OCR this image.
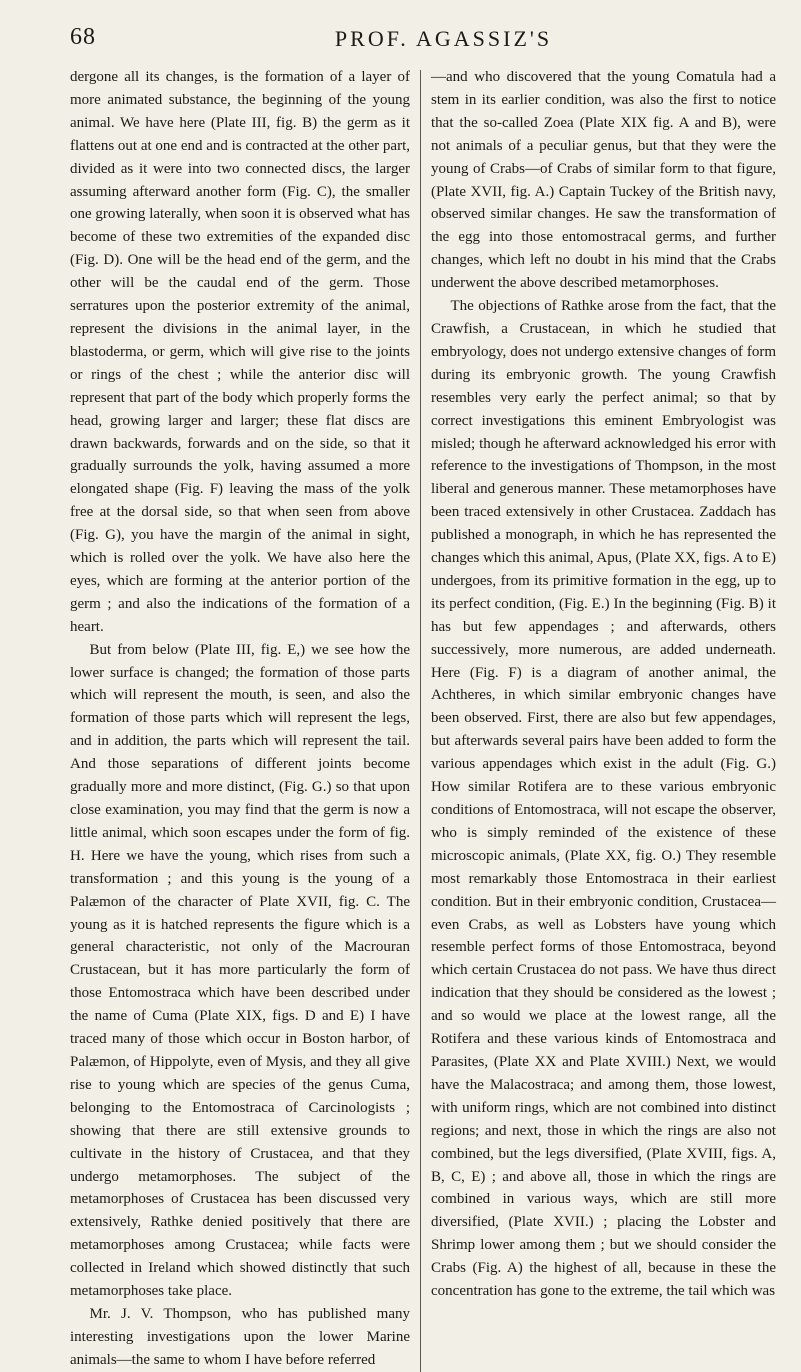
68	PROF. AGASSIZ'S

dergone all its changes, is the formation of a layer of more animated substance, the beginning of the young animal. We have here (Plate III, fig. B) the germ as it flattens out at one end and is contracted at the other part, divided as it were into two connected discs, the larger assuming afterward another form (Fig. C), the smaller one growing laterally, when soon it is observed what has become of these two extremities of the expanded disc (Fig. D). One will be the head end of the germ, and the other will be the caudal end of the germ. Those serratures upon the posterior extremity of the animal, represent the divisions in the animal layer, in the blastoderma, or germ, which will give rise to the joints or rings of the chest ; while the anterior disc will represent that part of the body which properly forms the head, growing larger and larger; these flat discs are drawn backwards, forwards and on the side, so that it gradually surrounds the yolk, having assumed a more elongated shape (Fig. F) leaving the mass of the yolk free at the dorsal side, so that when seen from above (Fig. G), you have the margin of the animal in sight, which is rolled over the yolk. We have also here the eyes, which are forming at the anterior portion of the germ ; and also the indications of the formation of a heart.

But from below (Plate III, fig. E,) we see how the lower surface is changed; the formation of those parts which will represent the mouth, is seen, and also the formation of those parts which will represent the legs, and in addition, the parts which will represent the tail. And those separations of different joints become gradually more and more distinct, (Fig. G.) so that upon close examination, you may find that the germ is now a little animal, which soon escapes under the form of fig. H. Here we have the young, which rises from such a transformation ; and this young is the young of a Palæmon of the character of Plate XVII, fig. C. The young as it is hatched represents the figure which is a general characteristic, not only of the Macrouran Crustacean, but it has more particularly the form of those Entomostraca which have been described under the name of Cuma (Plate XIX, figs. D and E) I have traced many of those which occur in Boston harbor, of Palæmon, of Hippolyte, even of Mysis, and they all give rise to young which are species of the genus Cuma, belonging to the Entomostraca of Carcinologists ; showing that there are still extensive grounds to cultivate in the history of Crustacea, and that they undergo metamorphoses. The subject of the metamorphoses of Crustacea has been discussed very extensively, Rathke denied positively that there are metamorphoses among Crustacea; while facts were collected in Ireland which showed distinctly that such metamorphoses take place.

Mr. J. V. Thompson, who has published many interesting investigations upon the lower Marine animals—the same to whom I have before referred

—and who discovered that the young Comatula had a stem in its earlier condition, was also the first to notice that the so-called Zoea (Plate XIX fig. A and B), were not animals of a peculiar genus, but that they were the young of Crabs—of Crabs of similar form to that figure, (Plate XVII, fig. A.) Captain Tuckey of the British navy, observed similar changes. He saw the transformation of the egg into those entomostracal germs, and further changes, which left no doubt in his mind that the Crabs underwent the above described metamorphoses.

The objections of Rathke arose from the fact, that the Crawfish, a Crustacean, in which he studied that embryology, does not undergo extensive changes of form during its embryonic growth. The young Crawfish resembles very early the perfect animal; so that by correct investigations this eminent Embryologist was misled; though he afterward acknowledged his error with reference to the investigations of Thompson, in the most liberal and generous manner. These metamorphoses have been traced extensively in other Crustacea. Zaddach has published a monograph, in which he has represented the changes which this animal, Apus, (Plate XX, figs. A to E) undergoes, from its primitive formation in the egg, up to its perfect condition, (Fig. E.) In the beginning (Fig. B) it has but few appendages ; and afterwards, others successively, more numerous, are added underneath. Here (Fig. F) is a diagram of another animal, the Achtheres, in which similar embryonic changes have been observed. First, there are also but few appendages, but afterwards several pairs have been added to form the various appendages which exist in the adult (Fig. G.) How similar Rotifera are to these various embryonic conditions of Entomostraca, will not escape the observer, who is simply reminded of the existence of these microscopic animals, (Plate XX, fig. O.) They resemble most remarkably those Entomostraca in their earliest condition. But in their embryonic condition, Crustacea—even Crabs, as well as Lobsters have young which resemble perfect forms of those Entomostraca, beyond which certain Crustacea do not pass. We have thus direct indication that they should be considered as the lowest ; and so would we place at the lowest range, all the Rotifera and these various kinds of Entomostraca and Parasites, (Plate XX and Plate XVIII.) Next, we would have the Malacostraca; and among them, those lowest, with uniform rings, which are not combined into distinct regions; and next, those in which the rings are also not combined, but the legs diversified, (Plate XVIII, figs. A, B, C, E) ; and above all, those in which the rings are combined in various ways, which are still more diversified, (Plate XVII.) ; placing the Lobster and Shrimp lower among them ; but we should consider the Crabs (Fig. A) the highest of all, because in these the concentration has gone to the extreme, the tail which was
